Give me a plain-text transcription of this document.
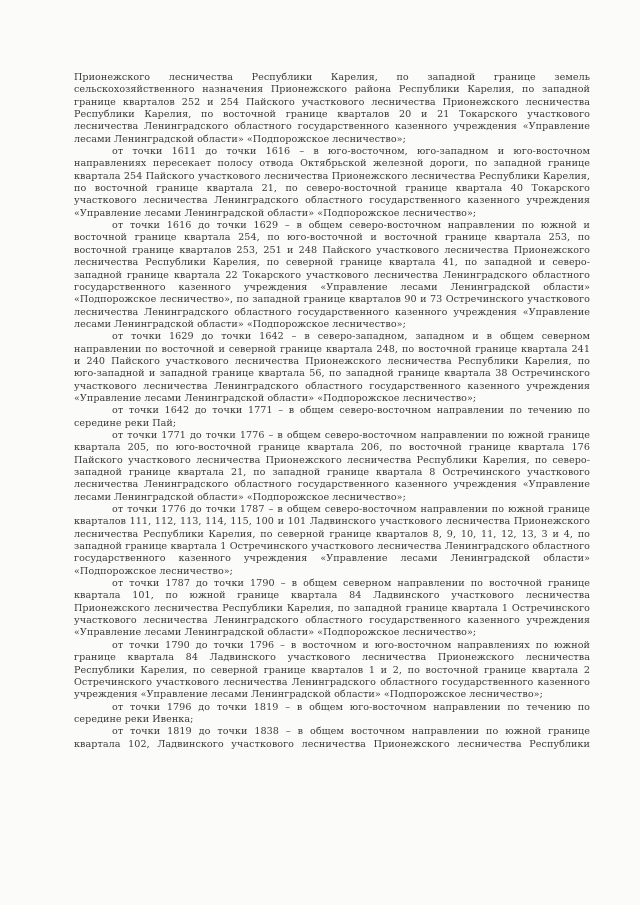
Прионежского лесничества Республики Карелия, по западной границе земель
сельскохозяйственного назначения Прионежского района Республики Карелия, по западной
границе кварталов 252 и 254 Пайского участкового лесничества Прионежского лесничества
Республики Карелия, по восточной границе кварталов 20 и 21 Токарского участкового
лесничества Ленинградского областного государственного казенного учреждения «Управление
лесами Ленинградской области» «Подпорожское лесничество»;
от точки 1611 до точки 1616 – в юго-восточном, юго-западном и юго-восточном
направлениях пересекает полосу отвода Октябрьской железной дороги, по западной границе
квартала 254 Пайского участкового лесничества Прионежского лесничества Республики Карелия,
по восточной границе квартала 21, по северо-восточной границе квартала 40 Токарского
участкового лесничества Ленинградского областного государственного казенного учреждения
«Управление лесами Ленинградской области» «Подпорожское лесничество»;
от точки 1616 до точки 1629 – в общем северо-восточном направлении по южной и
восточной границе квартала 254, по юго-восточной и восточной границе квартала 253, по
восточной границе кварталов 253, 251 и 248 Пайского участкового лесничества Прионежского
лесничества Республики Карелия, по северной границе квартала 41, по западной и северо-
западной границе квартала 22 Токарского участкового лесничества Ленинградского областного
государственного казенного учреждения «Управление лесами Ленинградской области»
«Подпорожское лесничество», по западной границе кварталов 90 и 73 Остречинского участкового
лесничества Ленинградского областного государственного казенного учреждения «Управление
лесами Ленинградской области» «Подпорожское лесничество»;
от точки 1629 до точки 1642 – в северо-западном, западном и в общем северном
направлении по восточной и северной границе квартала 248, по восточной границе квартала 241
и 240 Пайского участкового лесничества Прионежского лесничества Республики Карелия, по
юго-западной и западной границе квартала 56, по западной границе квартала 38 Остречинского
участкового лесничества Ленинградского областного государственного казенного учреждения
«Управление лесами Ленинградской области» «Подпорожское лесничество»;
от точки 1642 до точки 1771 – в общем северо-восточном направлении по течению по
середине реки Пай;
от точки 1771 до точки 1776 – в общем северо-восточном направлении по южной границе
квартала 205, по юго-восточной границе квартала 206, по восточной границе квартала 176
Пайского участкового лесничества Прионежского лесничества Республики Карелия, по северо-
западной границе квартала 21, по западной границе квартала 8 Остречинского участкового
лесничества Ленинградского областного государственного казенного учреждения «Управление
лесами Ленинградской области» «Подпорожское лесничество»;
от точки 1776 до точки 1787 – в общем северо-восточном направлении по южной границе
кварталов 111, 112, 113, 114, 115, 100 и 101 Ладвинского участкового лесничества Прионежского
лесничества Республики Карелия, по северной границе кварталов 8, 9, 10, 11, 12, 13, 3 и 4, по
западной границе квартала 1 Остречинского участкового лесничества Ленинградского областного
государственного казенного учреждения «Управление лесами Ленинградской области»
«Подпорожское лесничество»;
от точки 1787 до точки 1790 – в общем северном направлении по восточной границе
квартала 101, по южной границе квартала 84 Ладвинского участкового лесничества
Прионежского лесничества Республики Карелия, по западной границе квартала 1 Остречинского
участкового лесничества Ленинградского областного государственного казенного учреждения
«Управление лесами Ленинградской области» «Подпорожское лесничество»;
от точки 1790 до точки 1796 – в восточном и юго-восточном направлениях по южной
границе квартала 84 Ладвинского участкового лесничества Прионежского лесничества
Республики Карелия, по северной границе кварталов 1 и 2, по восточной границе квартала 2
Остречинского участкового лесничества Ленинградского областного государственного казенного
учреждения «Управление лесами Ленинградской области» «Подпорожское лесничество»;
от точки 1796 до точки 1819 – в общем юго-восточном направлении по течению по
середине реки Ивенка;
от точки 1819 до точки 1838 – в общем восточном направлении по южной границе
квартала 102, Ладвинского участкового лесничества Прионежского лесничества Республики
